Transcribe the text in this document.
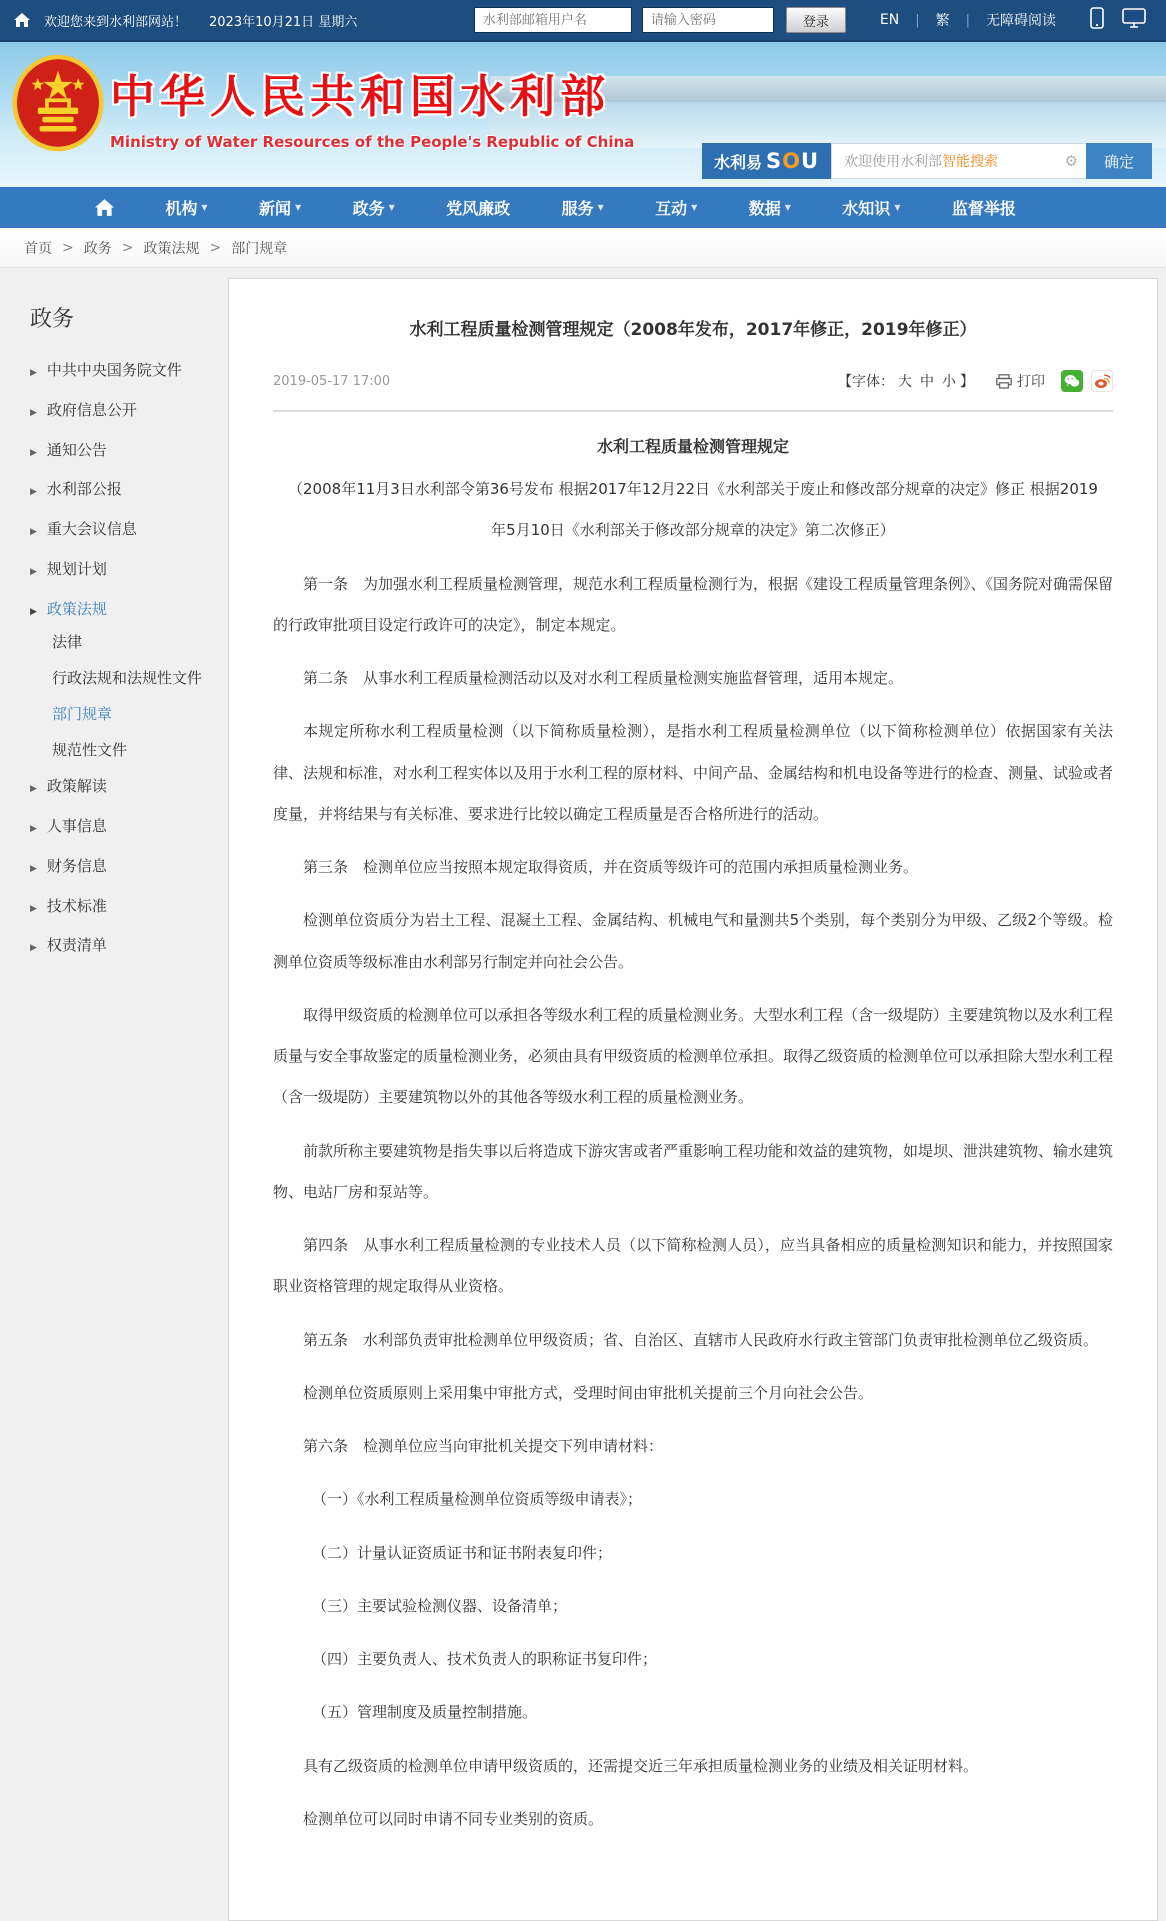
欢迎您来到水利部网站！ 2023年10月21日 星期六
水利部邮箱用户名	登录	EN | 繁 | 无障碍阅读
中华人民共和国水利部
Ministry of Water Resources of the People's Republic of China
水利易 SOU 欢迎使用水利部 智能搜索	⚙	确定
机构 ▼	新闻 ▼	政务 ▼	党风廉政	服务 ▼	互动 ▼	数据 ▼	水知识 ▼	监督举报
首页 > 政务 > 政策法规 > 部门规章
政务
▶ 中共中央国务院文件
▶ 政府信息公开
▶ 通知公告
▶ 水利部公报
▶ 重大会议信息
▶ 规划计划
▶ 政策法规
法律
行政法规和法规性文件
部门规章
规范性文件
▶ 政策解读
▶ 人事信息
▶ 财务信息
▶ 技术标准
▶ 权责清单
水利工程质量检测管理规定（2008年发布，2017年修正，2019年修正）
2019-05-17 17:00	【字体： 大 中 小 】	打印
水利工程质量检测管理规定

（2008年11月3日水利部令第36号发布 根据2017年12月22日《水利部关于废止和修改部分规章的决定》修正 根据2019年5月10日《水利部关于修改部分规章的决定》第二次修正）

第一条　为加强水利工程质量检测管理，规范水利工程质量检测行为，根据《建设工程质量管理条例》、《国务院对确需保留的行政审批项目设定行政许可的决定》，制定本规定。

第二条　从事水利工程质量检测活动以及对水利工程质量检测实施监督管理，适用本规定。

本规定所称水利工程质量检测（以下简称质量检测），是指水利工程质量检测单位（以下简称检测单位）依据国家有关法律、法规和标准，对水利工程实体以及用于水利工程的原材料、中间产品、金属结构和机电设备等进行的检查、测量、试验或者度量，并将结果与有关标准、要求进行比较以确定工程质量是否合格所进行的活动。

第三条　检测单位应当按照本规定取得资质，并在资质等级许可的范围内承担质量检测业务。

检测单位资质分为岩土工程、混凝土工程、金属结构、机械电气和量测共5个类别，每个类别分为甲级、乙级2个等级。检测单位资质等级标准由水利部另行制定并向社会公告。

取得甲级资质的检测单位可以承担各等级水利工程的质量检测业务。大型水利工程（含一级堤防）主要建筑物以及水利工程质量与安全事故鉴定的质量检测业务，必须由具有甲级资质的检测单位承担。取得乙级资质的检测单位可以承担除大型水利工程（含一级堤防）主要建筑物以外的其他各等级水利工程的质量检测业务。

前款所称主要建筑物是指失事以后将造成下游灾害或者严重影响工程功能和效益的建筑物，如堤坝、泄洪建筑物、输水建筑物、电站厂房和泵站等。

第四条　从事水利工程质量检测的专业技术人员（以下简称检测人员），应当具备相应的质量检测知识和能力，并按照国家职业资格管理的规定取得从业资格。

第五条　水利部负责审批检测单位甲级资质；省、自治区、直辖市人民政府水行政主管部门负责审批检测单位乙级资质。

检测单位资质原则上采用集中审批方式，受理时间由审批机关提前三个月向社会公告。

第六条　检测单位应当向审批机关提交下列申请材料：

（一）《水利工程质量检测单位资质等级申请表》；

（二）计量认证资质证书和证书附表复印件；

（三）主要试验检测仪器、设备清单；

（四）主要负责人、技术负责人的职称证书复印件；

（五）管理制度及质量控制措施。

具有乙级资质的检测单位申请甲级资质的，还需提交近三年承担质量检测业务的业绩及相关证明材料。

检测单位可以同时申请不同专业类别的资质。
